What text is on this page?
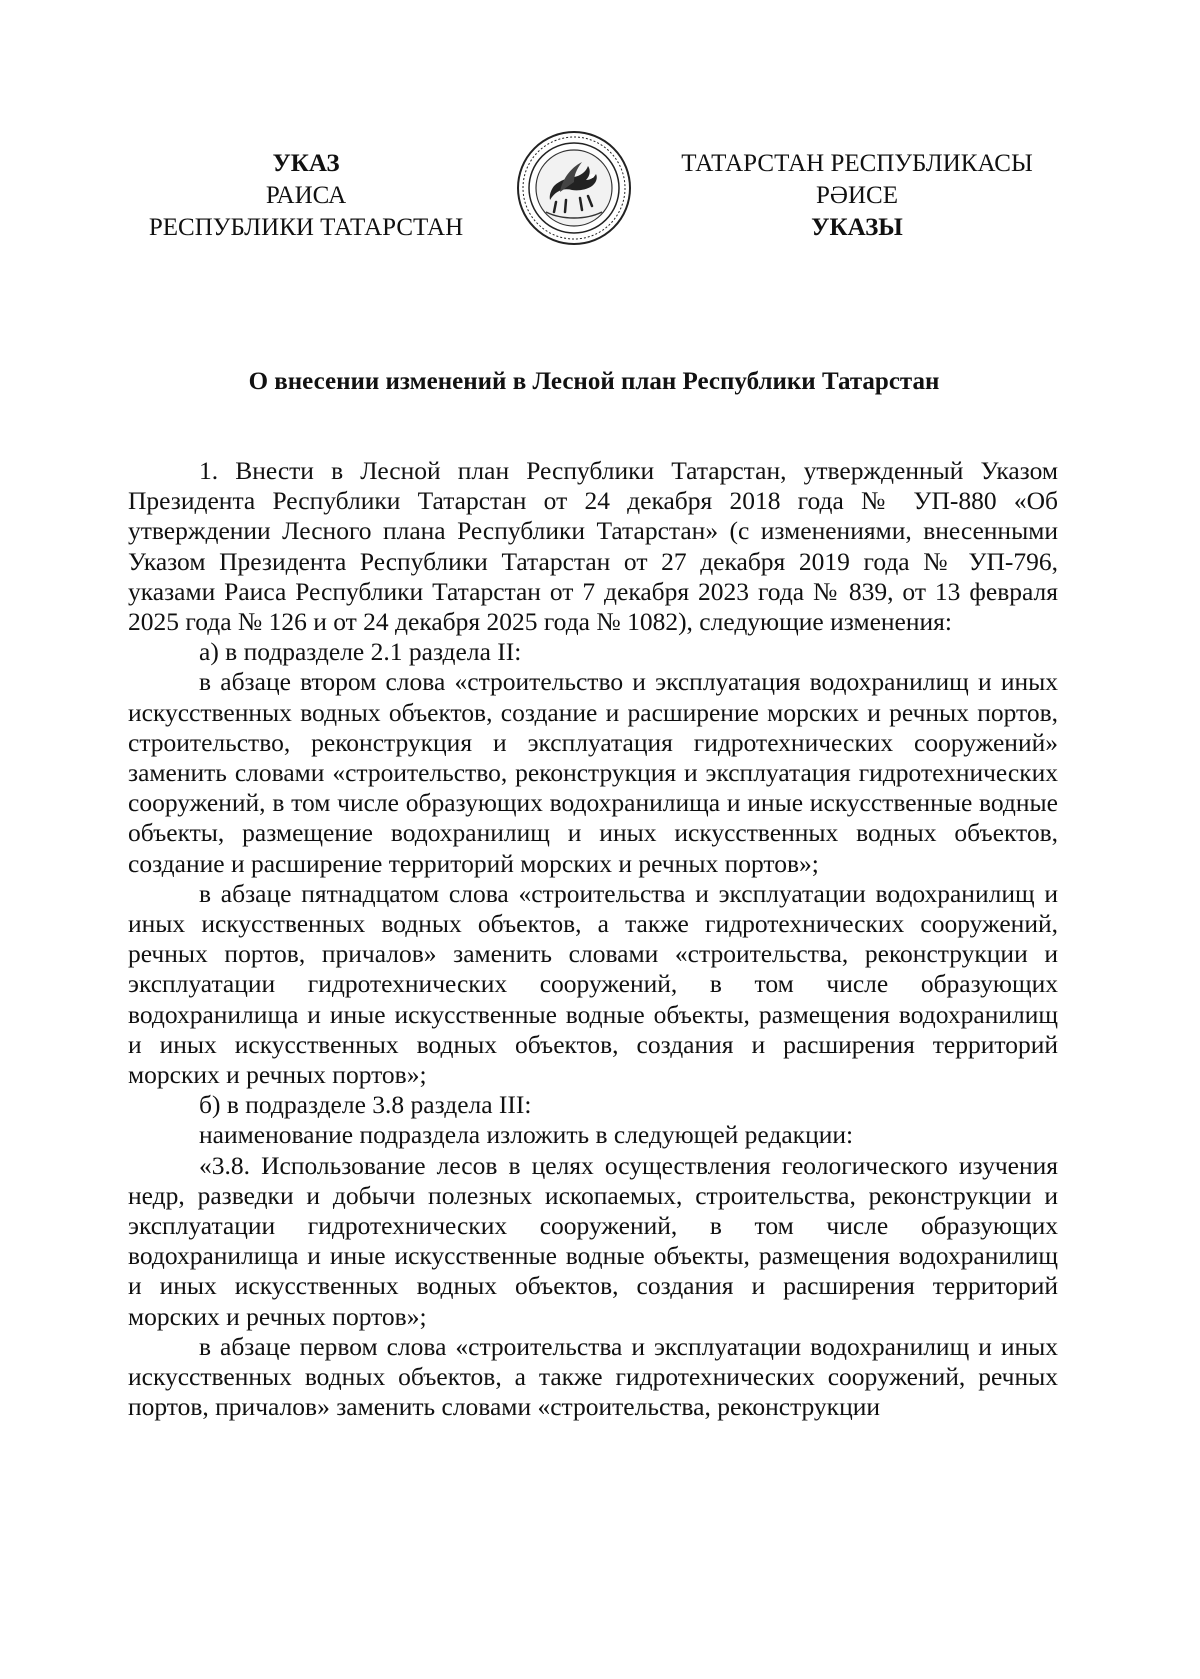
УКАЗ
РАИСА
РЕСПУБЛИКИ ТАТАРСТАН
ТАТАРСТАН РЕСПУБЛИКАСЫ
РӘИСЕ
УКАЗЫ
О внесении изменений в Лесной план Республики Татарстан

1. Внести в Лесной план Республики Татарстан, утвержденный Указом Президента Республики Татарстан от 24 декабря 2018 года № УП-880 «Об утверждении Лесного плана Республики Татарстан» (с изменениями, внесенными Указом Президента Республики Татарстан от 27 декабря 2019 года № УП-796, указами Раиса Республики Татарстан от 7 декабря 2023 года № 839, от 13 февраля 2025 года № 126 и от 24 декабря 2025 года № 1082), следующие изменения:

а) в подразделе 2.1 раздела II:

в абзаце втором слова «строительство и эксплуатация водохранилищ и иных искусственных водных объектов, создание и расширение морских и речных портов, строительство, реконструкция и эксплуатация гидротехнических сооружений» заменить словами «строительство, реконструкция и эксплуатация гидротехнических сооружений, в том числе образующих водохранилища и иные искусственные водные объекты, размещение водохранилищ и иных искусственных водных объектов, создание и расширение территорий морских и речных портов»;

в абзаце пятнадцатом слова «строительства и эксплуатации водохранилищ и иных искусственных водных объектов, а также гидротехнических сооружений, речных портов, причалов» заменить словами «строительства, реконструкции и эксплуатации гидротехнических сооружений, в том числе образующих водохранилища и иные искусственные водные объекты, размещения водохранилищ и иных искусственных водных объектов, создания и расширения территорий морских и речных портов»;

б) в подразделе 3.8 раздела III:

наименование подраздела изложить в следующей редакции:

«3.8. Использование лесов в целях осуществления геологического изучения недр, разведки и добычи полезных ископаемых, строительства, реконструкции и эксплуатации гидротехнических сооружений, в том числе образующих водохранилища и иные искусственные водные объекты, размещения водохранилищ и иных искусственных водных объектов, создания и расширения территорий морских и речных портов»;

в абзаце первом слова «строительства и эксплуатации водохранилищ и иных искусственных водных объектов, а также гидротехнических сооружений, речных портов, причалов» заменить словами «строительства, реконструкции
